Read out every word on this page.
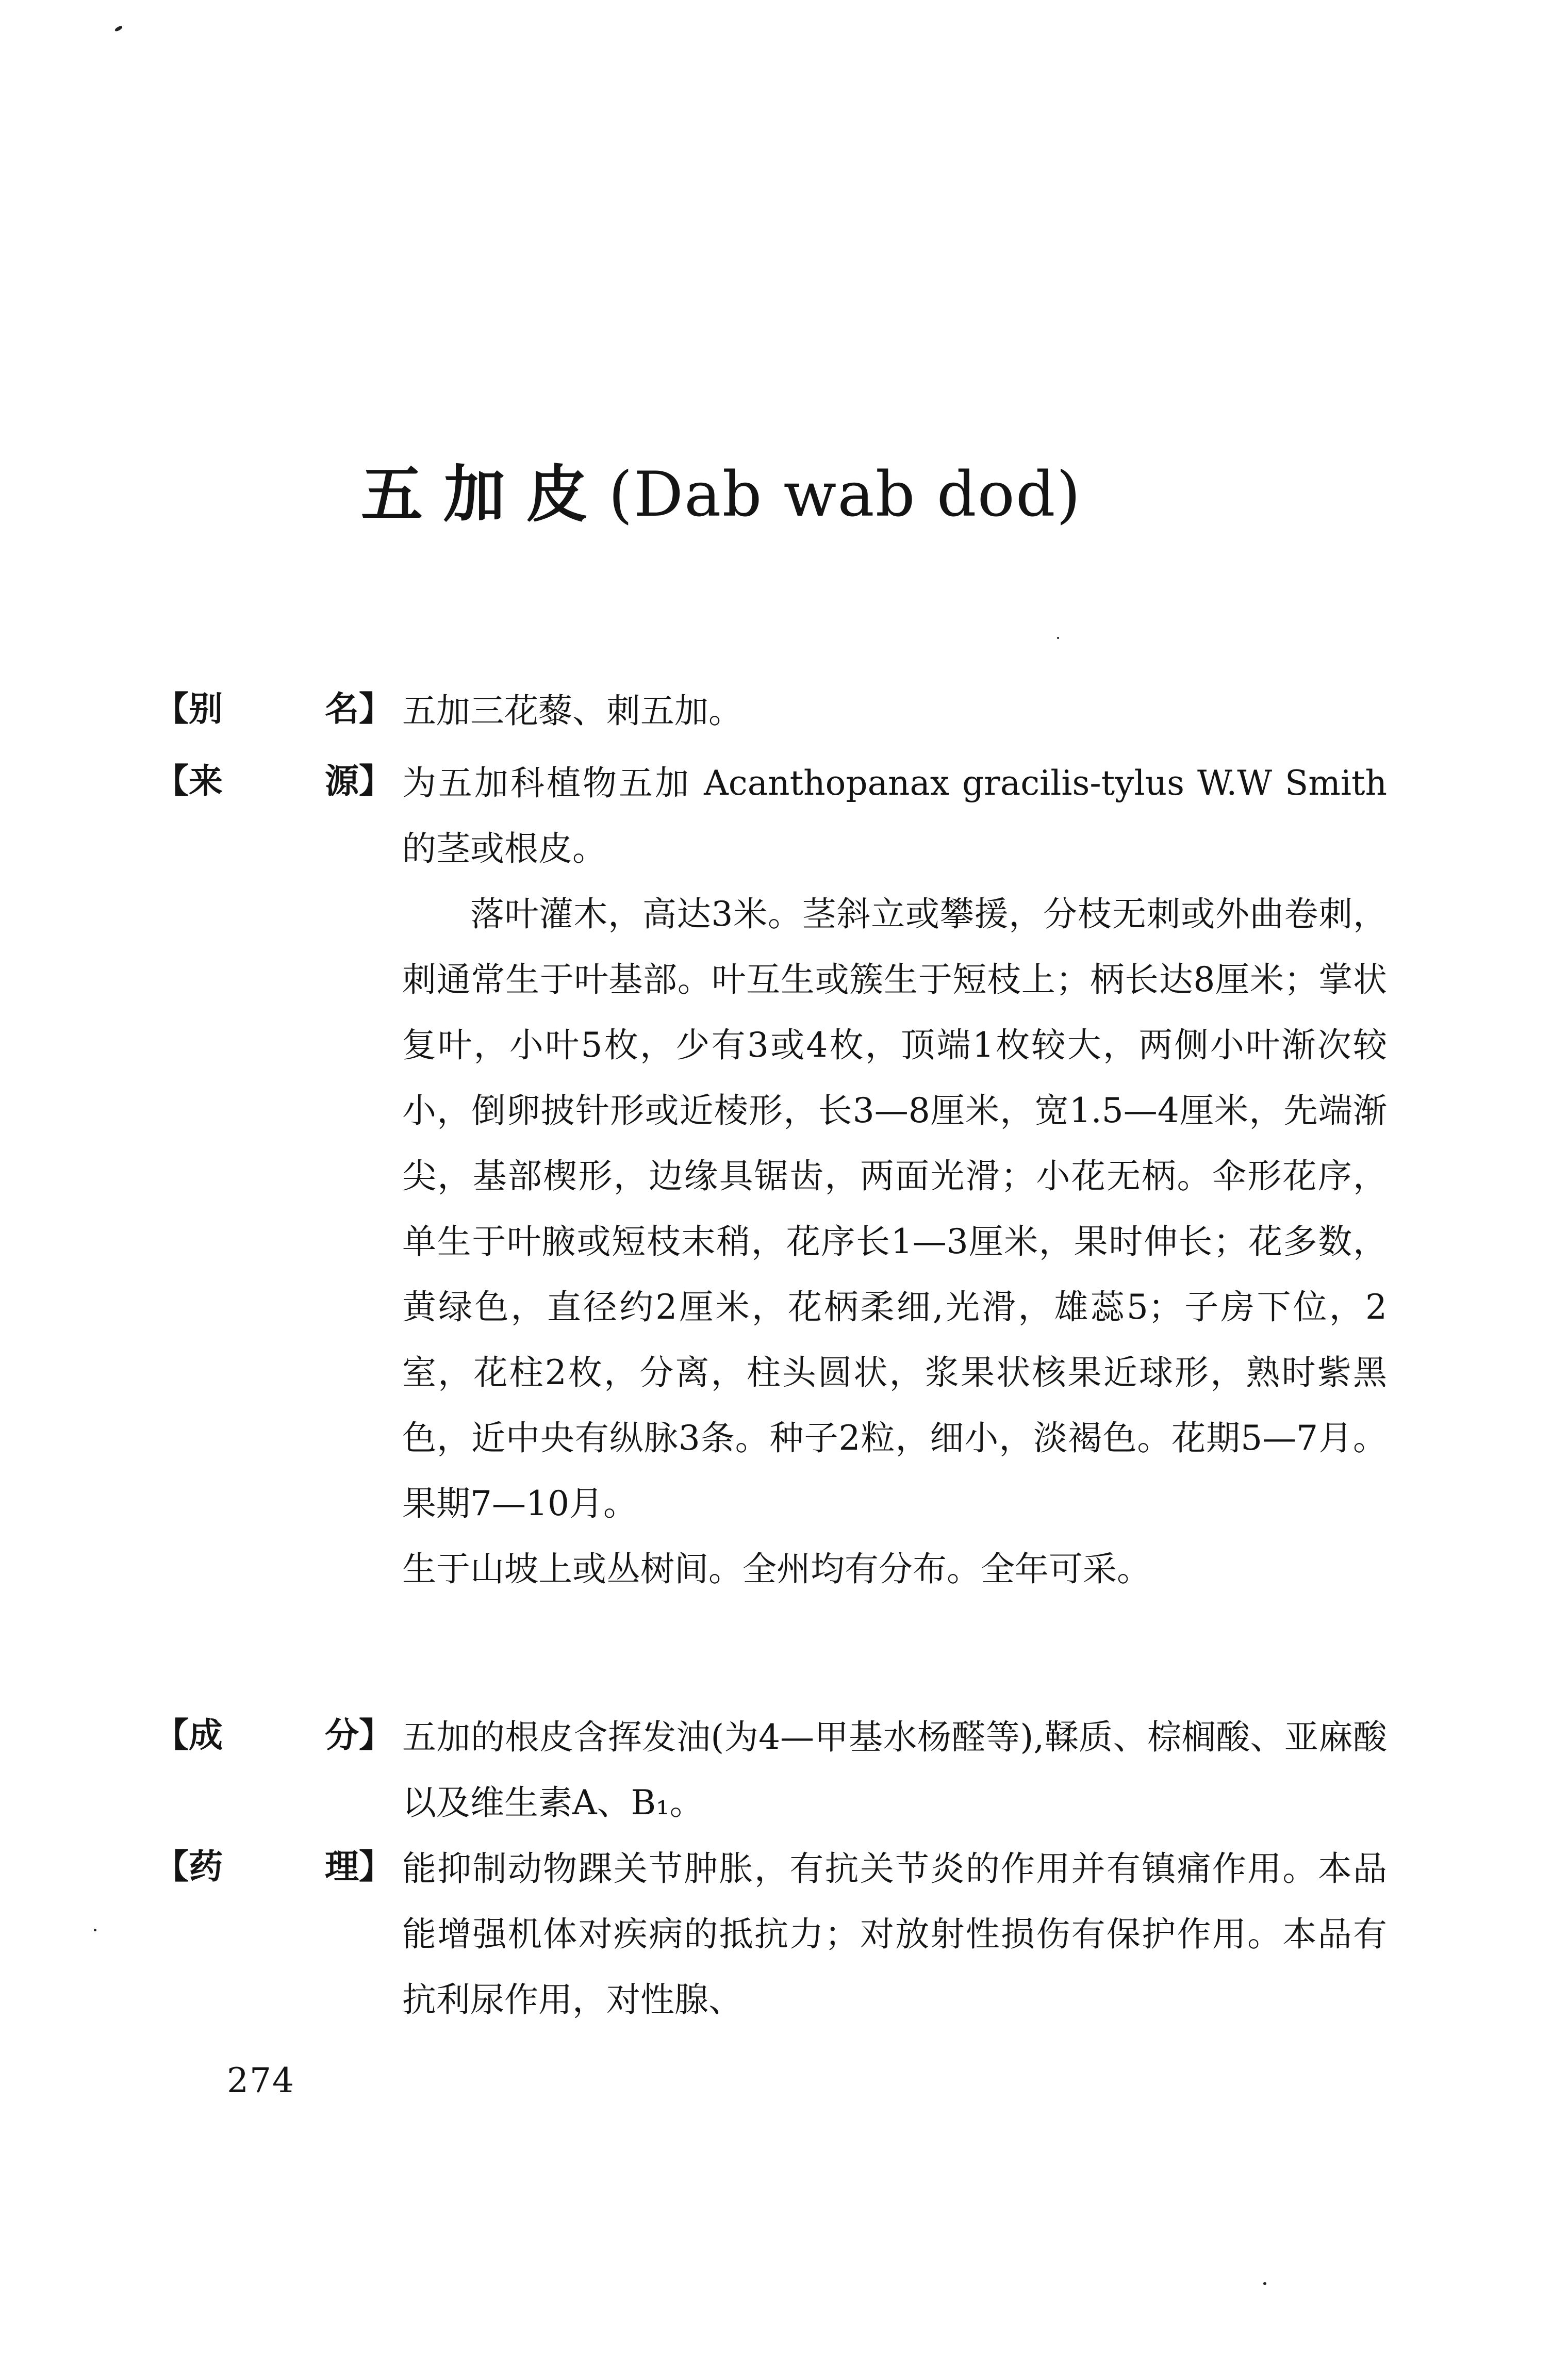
五加皮(Dab wab dod)
【别	名】 五加三花藜、刺五加。

【来	源】 为五加科植物五加 Acanthopanax gracilis-tylus W.W Smith的茎或根皮。

落叶灌木，高达3米。茎斜立或攀援，分枝无刺或外曲卷刺，刺通常生于叶基部。叶互生或簇生于短枝上；柄长达8厘米；掌状复叶，小叶5枚，少有3或4枚，顶端1枚较大，两侧小叶渐次较小，倒卵披针形或近棱形，长3—8厘米，宽1.5—4厘米，先端渐尖，基部楔形，边缘具锯齿，两面光滑；小花无柄。伞形花序，单生于叶腋或短枝末稍，花序长1—3厘米，果时伸长；花多数，黄绿色，直径约2厘米，花柄柔细,光滑，雄蕊5；子房下位，2室，花柱2枚，分离，柱头圆状，浆果状核果近球形，熟时紫黑色，近中央有纵脉3条。种子2粒，细小，淡褐色。花期5—7月。果期7—10月。

生于山坡上或丛树间。全州均有分布。全年可采。

【成	分】 五加的根皮含挥发油(为4—甲基水杨醛等),鞣质、棕榈酸、亚麻酸以及维生素A、B₁。

【药	理】 能抑制动物踝关节肿胀，有抗关节炎的作用并有镇痛作用。本品能增强机体对疾病的抵抗力；对放射性损伤有保护作用。本品有抗利尿作用，对性腺、

274
